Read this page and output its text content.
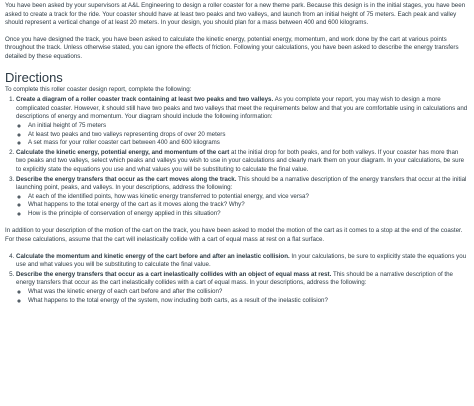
You have been asked by your supervisors at A&L Engineering to design a roller coaster for a new theme park. Because this design is in the initial stages, you have been asked to create a track for the ride. Your coaster should have at least two peaks and two valleys, and launch from an initial height of 75 meters. Each peak and valley should represent a vertical change of at least 20 meters. In your design, you should plan for a mass between 400 and 600 kilograms.

Once you have designed the track, you have been asked to calculate the kinetic energy, potential energy, momentum, and work done by the cart at various points throughout the track. Unless otherwise stated, you can ignore the effects of friction. Following your calculations, you have been asked to describe the energy transfers detailed by these equations.

Directions
To complete this roller coaster design report, complete the following:
1. Create a diagram of a roller coaster track containing at least two peaks and two valleys. As you complete your report, you may wish to design a more complicated coaster. However, it should still have two peaks and two valleys that meet the requirements below and that you are comfortable using in calculations and descriptions of energy and momentum. Your diagram should include the following information:
◦ An initial height of 75 meters
◦ At least two peaks and two valleys representing drops of over 20 meters
◦ A set mass for your roller coaster cart between 400 and 600 kilograms
2. Calculate the kinetic energy, potential energy, and momentum of the cart at the initial drop for both peaks, and for both valleys. If your coaster has more than two peaks and two valleys, select which peaks and valleys you wish to use in your calculations and clearly mark them on your diagram. In your calculations, be sure to explicitly state the equations you use and what values you will be substituting to calculate the final value.
3. Describe the energy transfers that occur as the cart moves along the track. This should be a narrative description of the energy transfers that occur at the initial launching point, peaks, and valleys. In your descriptions, address the following:
◦ At each of the identified points, how was kinetic energy transferred to potential energy, and vice versa?
◦ What happens to the total energy of the cart as it moves along the track? Why?
◦ How is the principle of conservation of energy applied in this situation?

In addition to your description of the motion of the cart on the track, you have been asked to model the motion of the cart as it comes to a stop at the end of the coaster. For these calculations, assume that the cart will inelastically collide with a cart of equal mass at rest on a flat surface.

4. Calculate the momentum and kinetic energy of the cart before and after an inelastic collision. In your calculations, be sure to explicitly state the equations you use and what values you will be substituting to calculate the final value.
5. Describe the energy transfers that occur as a cart inelastically collides with an object of equal mass at rest. This should be a narrative description of the energy transfers that occur as the cart inelastically collides with a cart of equal mass. In your descriptions, address the following:
◦ What was the kinetic energy of each cart before and after the collision?
◦ What happens to the total energy of the system, now including both carts, as a result of the inelastic collision?
